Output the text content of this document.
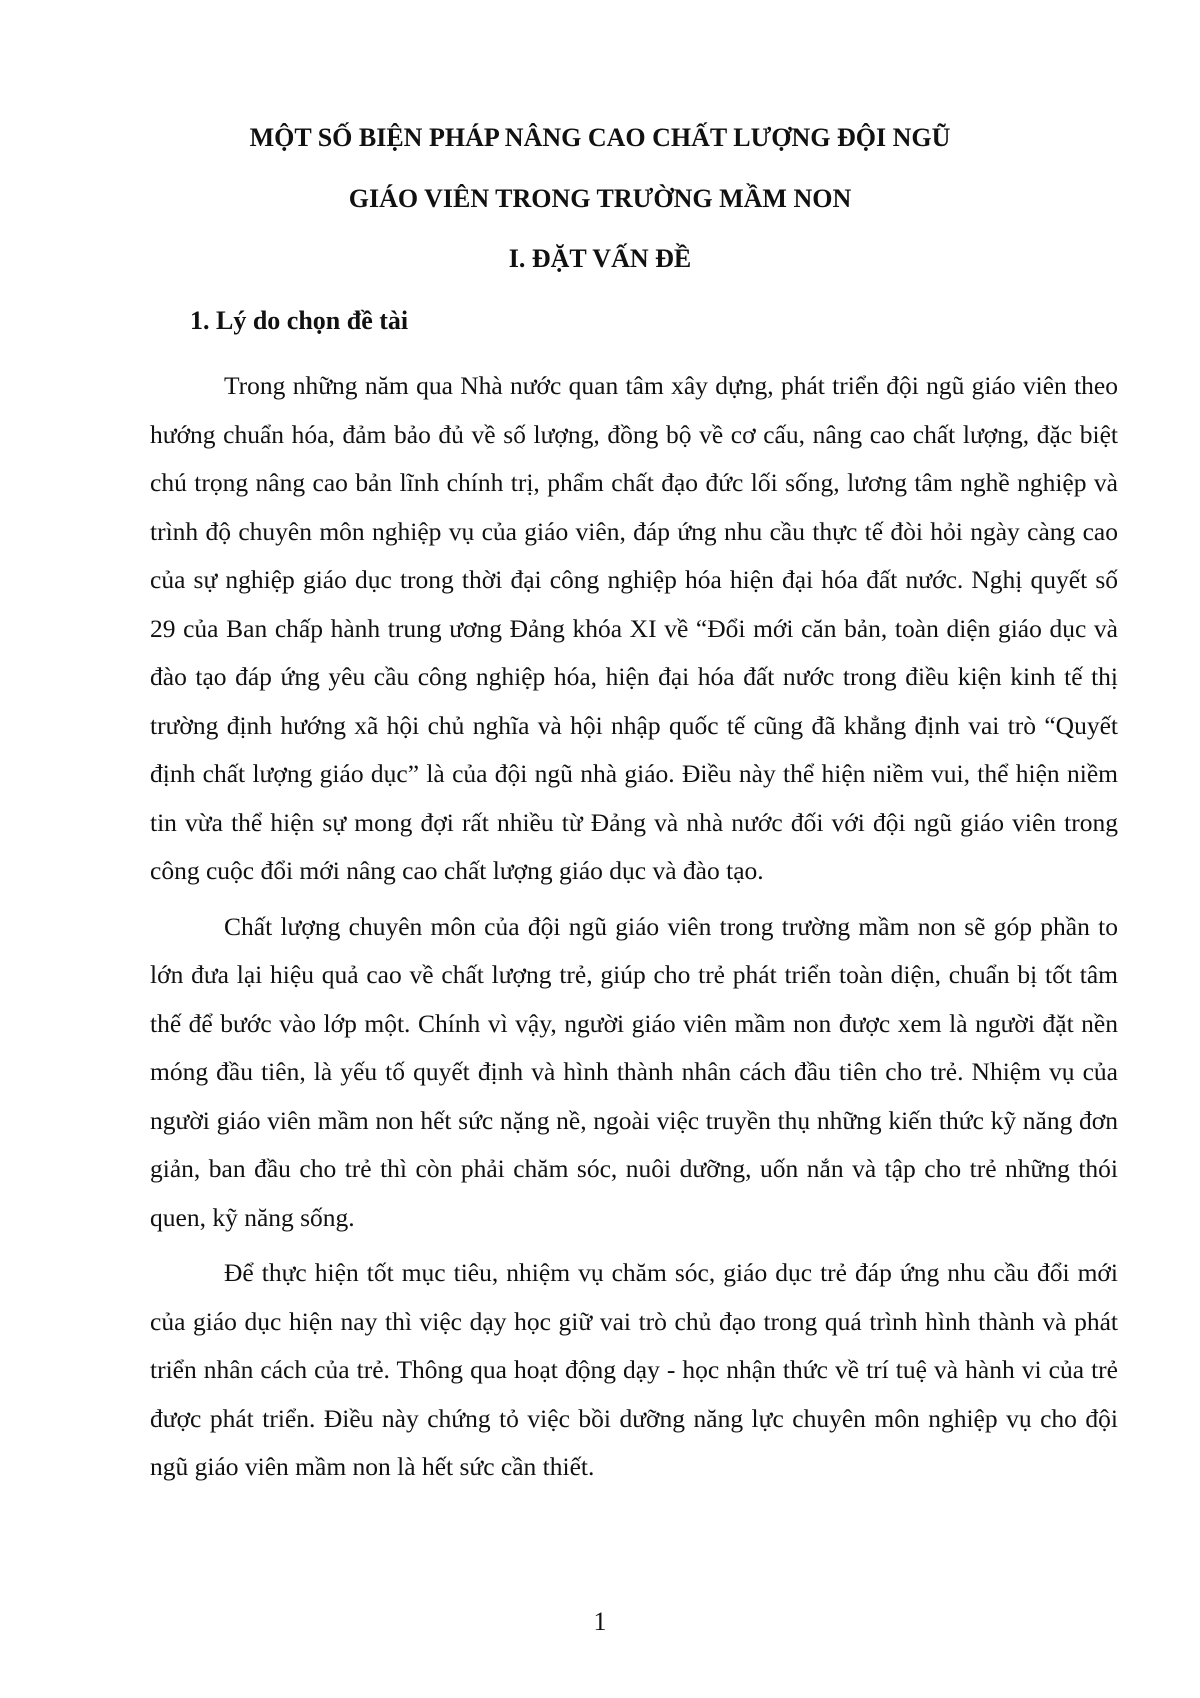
MỘT SỐ BIỆN PHÁP NÂNG CAO CHẤT LƯỢNG ĐỘI NGŨ
GIÁO VIÊN TRONG TRƯỜNG MẦM NON
I. ĐẶT VẤN ĐỀ
1. Lý do chọn đề tài

Trong những năm qua Nhà nước quan tâm xây dựng, phát triển đội ngũ giáo viên theo hướng chuẩn hóa, đảm bảo đủ về số lượng, đồng bộ về cơ cấu, nâng cao chất lượng, đặc biệt chú trọng nâng cao bản lĩnh chính trị, phẩm chất đạo đức lối sống, lương tâm nghề nghiệp và trình độ chuyên môn nghiệp vụ của giáo viên, đáp ứng nhu cầu thực tế đòi hỏi ngày càng cao của sự nghiệp giáo dục trong thời đại công nghiệp hóa hiện đại hóa đất nước. Nghị quyết số 29 của Ban chấp hành trung ương Đảng khóa XI về “Đổi mới căn bản, toàn diện giáo dục và đào tạo đáp ứng yêu cầu công nghiệp hóa, hiện đại hóa đất nước trong điều kiện kinh tế thị trường định hướng xã hội chủ nghĩa và hội nhập quốc tế cũng đã khẳng định vai trò “Quyết định chất lượng giáo dục” là của đội ngũ nhà giáo. Điều này thể hiện niềm vui, thể hiện niềm tin vừa thể hiện sự mong đợi rất nhiều từ Đảng và nhà nước đối với đội ngũ giáo viên trong công cuộc đổi mới nâng cao chất lượng giáo dục và đào tạo.

Chất lượng chuyên môn của đội ngũ giáo viên trong trường mầm non sẽ góp phần to lớn đưa lại hiệu quả cao về chất lượng trẻ, giúp cho trẻ phát triển toàn diện, chuẩn bị tốt tâm thế để bước vào lớp một. Chính vì vậy, người giáo viên mầm non được xem là người đặt nền móng đầu tiên, là yếu tố quyết định và hình thành nhân cách đầu tiên cho trẻ. Nhiệm vụ của người giáo viên mầm non hết sức nặng nề, ngoài việc truyền thụ những kiến thức kỹ năng đơn giản, ban đầu cho trẻ thì còn phải chăm sóc, nuôi dưỡng, uốn nắn và tập cho trẻ những thói quen, kỹ năng sống.

Để thực hiện tốt mục tiêu, nhiệm vụ chăm sóc, giáo dục trẻ đáp ứng nhu cầu đổi mới của giáo dục hiện nay thì việc dạy học giữ vai trò chủ đạo trong quá trình hình thành và phát triển nhân cách của trẻ. Thông qua hoạt động dạy - học nhận thức về trí tuệ và hành vi của trẻ được phát triển. Điều này chứng tỏ việc bồi dưỡng năng lực chuyên môn nghiệp vụ cho đội ngũ giáo viên mầm non là hết sức cần thiết.

1
